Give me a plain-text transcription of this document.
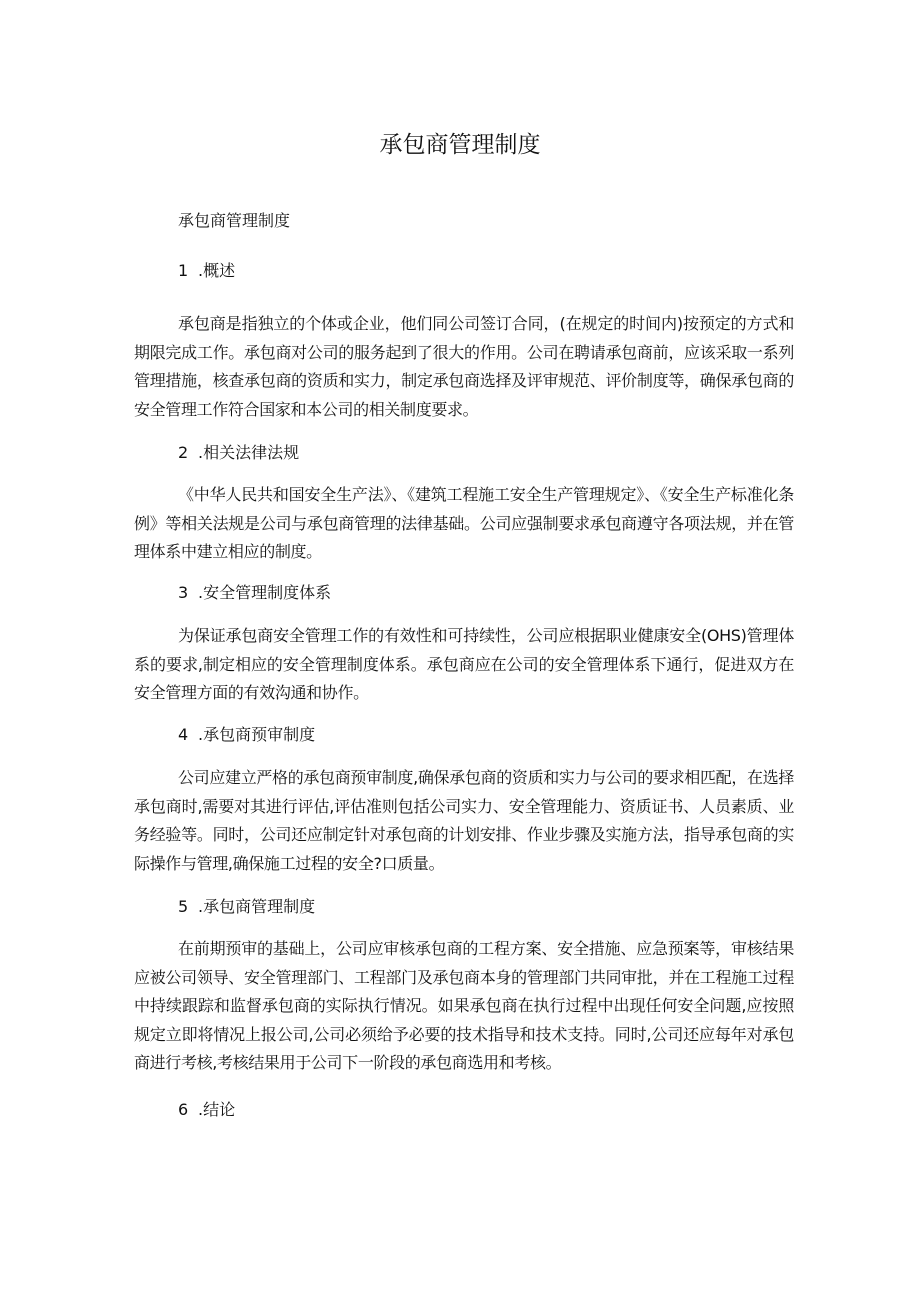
承包商管理制度

承包商管理制度

1 .概述

承包商是指独立的个体或企业，他们同公司签订合同，(在规定的时间内)按预定的方式和期限完成工作。承包商对公司的服务起到了很大的作用。公司在聘请承包商前，应该采取一系列管理措施，核查承包商的资质和实力，制定承包商选择及评审规范、评价制度等，确保承包商的安全管理工作符合国家和本公司的相关制度要求。

2 .相关法律法规

《中华人民共和国安全生产法》、《建筑工程施工安全生产管理规定》、《安全生产标准化条例》等相关法规是公司与承包商管理的法律基础。公司应强制要求承包商遵守各项法规，并在管理体系中建立相应的制度。

3 .安全管理制度体系

为保证承包商安全管理工作的有效性和可持续性，公司应根据职业健康安全(OHS)管理体系的要求,制定相应的安全管理制度体系。承包商应在公司的安全管理体系下通行，促进双方在安全管理方面的有效沟通和协作。

4 .承包商预审制度

公司应建立严格的承包商预审制度,确保承包商的资质和实力与公司的要求相匹配，在选择承包商时,需要对其进行评估,评估准则包括公司实力、安全管理能力、资质证书、人员素质、业务经验等。同时，公司还应制定针对承包商的计划安排、作业步骤及实施方法，指导承包商的实际操作与管理,确保施工过程的安全?口质量。

5 .承包商管理制度

在前期预审的基础上，公司应审核承包商的工程方案、安全措施、应急预案等，审核结果应被公司领导、安全管理部门、工程部门及承包商本身的管理部门共同审批，并在工程施工过程中持续跟踪和监督承包商的实际执行情况。如果承包商在执行过程中出现任何安全问题,应按照规定立即将情况上报公司,公司必须给予必要的技术指导和技术支持。同时,公司还应每年对承包商进行考核,考核结果用于公司下一阶段的承包商选用和考核。

6 .结论
